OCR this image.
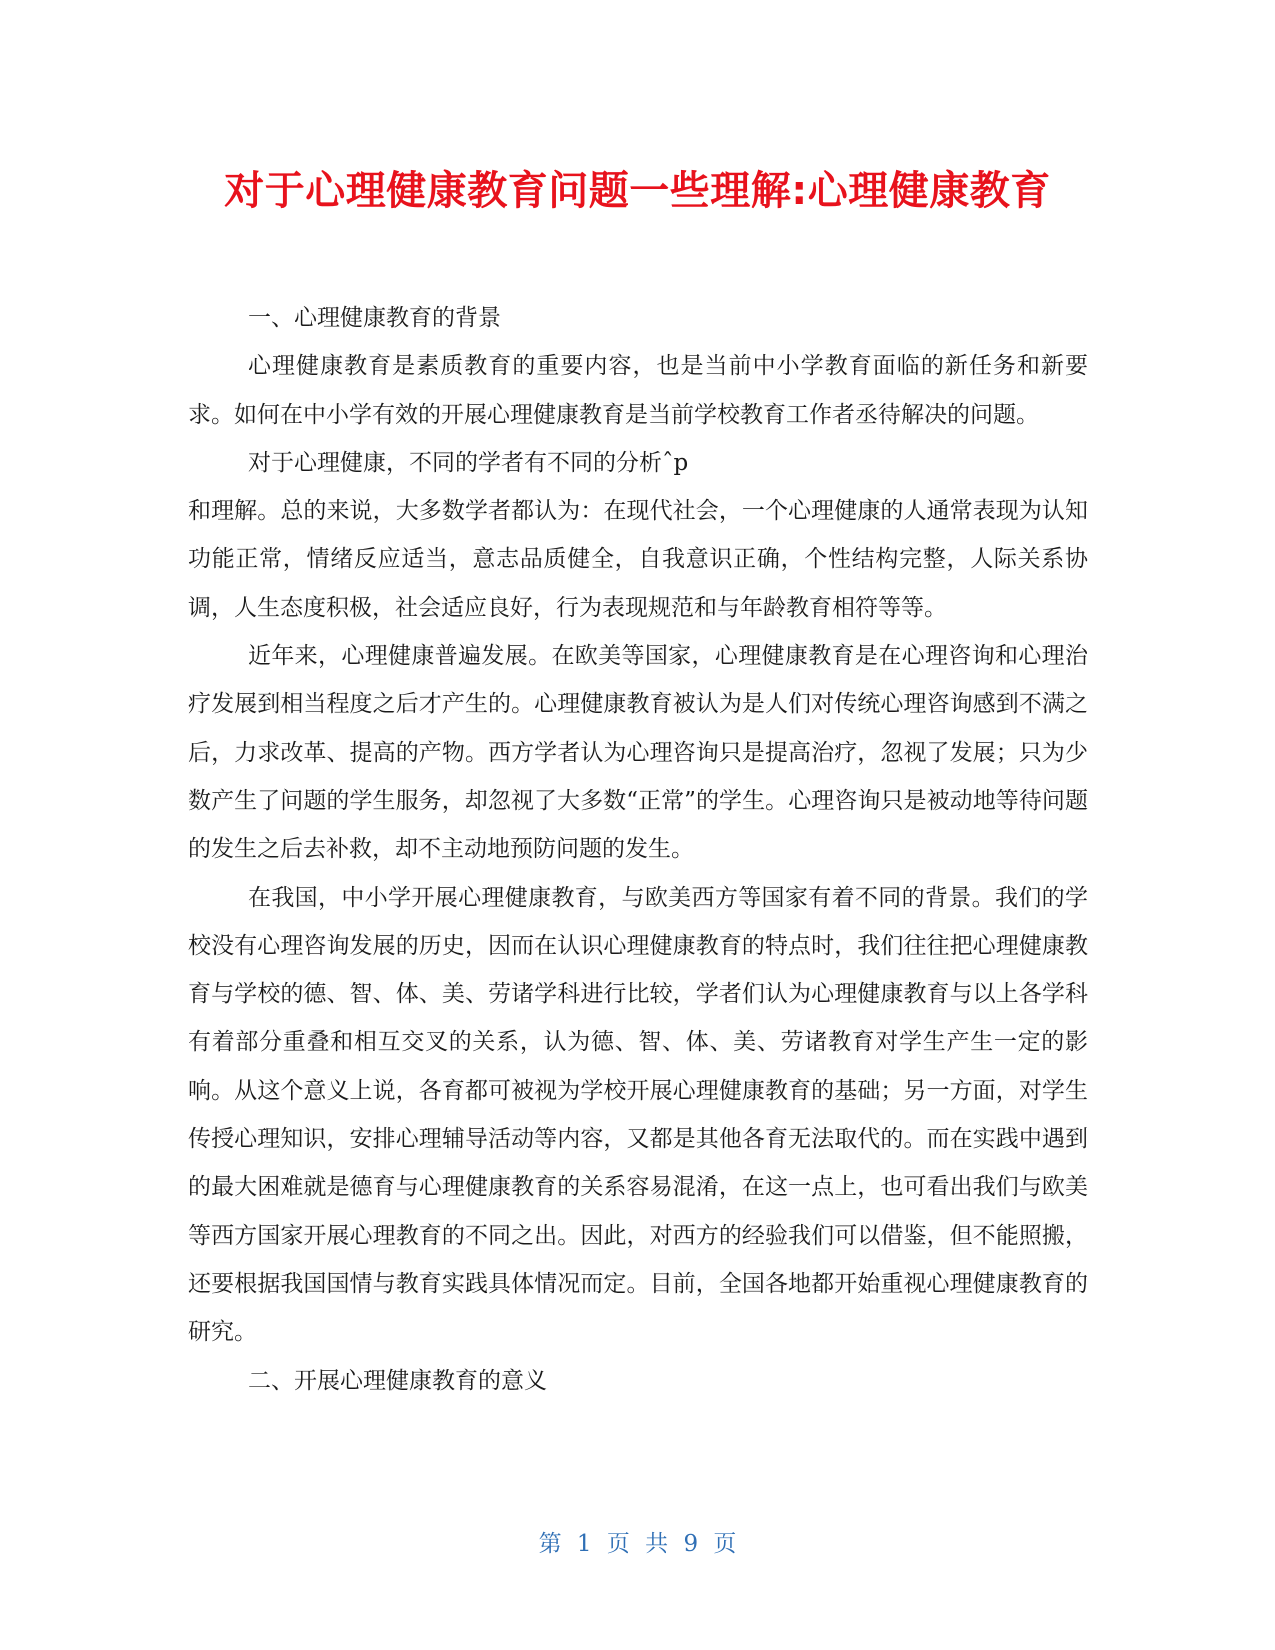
对于心理健康教育问题一些理解:心理健康教育

一、心理健康教育的背景

心理健康教育是素质教育的重要内容，也是当前中小学教育面临的新任务和新要求。如何在中小学有效的开展心理健康教育是当前学校教育工作者丞待解决的问题。

对于心理健康，不同的学者有不同的分析ˆp

和理解。总的来说，大多数学者都认为：在现代社会，一个心理健康的人通常表现为认知功能正常，情绪反应适当，意志品质健全，自我意识正确，个性结构完整，人际关系协调，人生态度积极，社会适应良好，行为表现规范和与年龄教育相符等等。

近年来，心理健康普遍发展。在欧美等国家，心理健康教育是在心理咨询和心理治疗发展到相当程度之后才产生的。心理健康教育被认为是人们对传统心理咨询感到不满之后，力求改革、提高的产物。西方学者认为心理咨询只是提高治疗，忽视了发展；只为少数产生了问题的学生服务，却忽视了大多数“正常”的学生。心理咨询只是被动地等待问题的发生之后去补救，却不主动地预防问题的发生。

在我国，中小学开展心理健康教育，与欧美西方等国家有着不同的背景。我们的学校没有心理咨询发展的历史，因而在认识心理健康教育的特点时，我们往往把心理健康教育与学校的德、智、体、美、劳诸学科进行比较，学者们认为心理健康教育与以上各学科有着部分重叠和相互交叉的关系，认为德、智、体、美、劳诸教育对学生产生一定的影响。从这个意义上说，各育都可被视为学校开展心理健康教育的基础；另一方面，对学生传授心理知识，安排心理辅导活动等内容，又都是其他各育无法取代的。而在实践中遇到的最大困难就是德育与心理健康教育的关系容易混淆，在这一点上，也可看出我们与欧美等西方国家开展心理教育的不同之出。因此，对西方的经验我们可以借鉴，但不能照搬，还要根据我国国情与教育实践具体情况而定。目前，全国各地都开始重视心理健康教育的研究。

二、开展心理健康教育的意义

第 1 页 共 9 页
